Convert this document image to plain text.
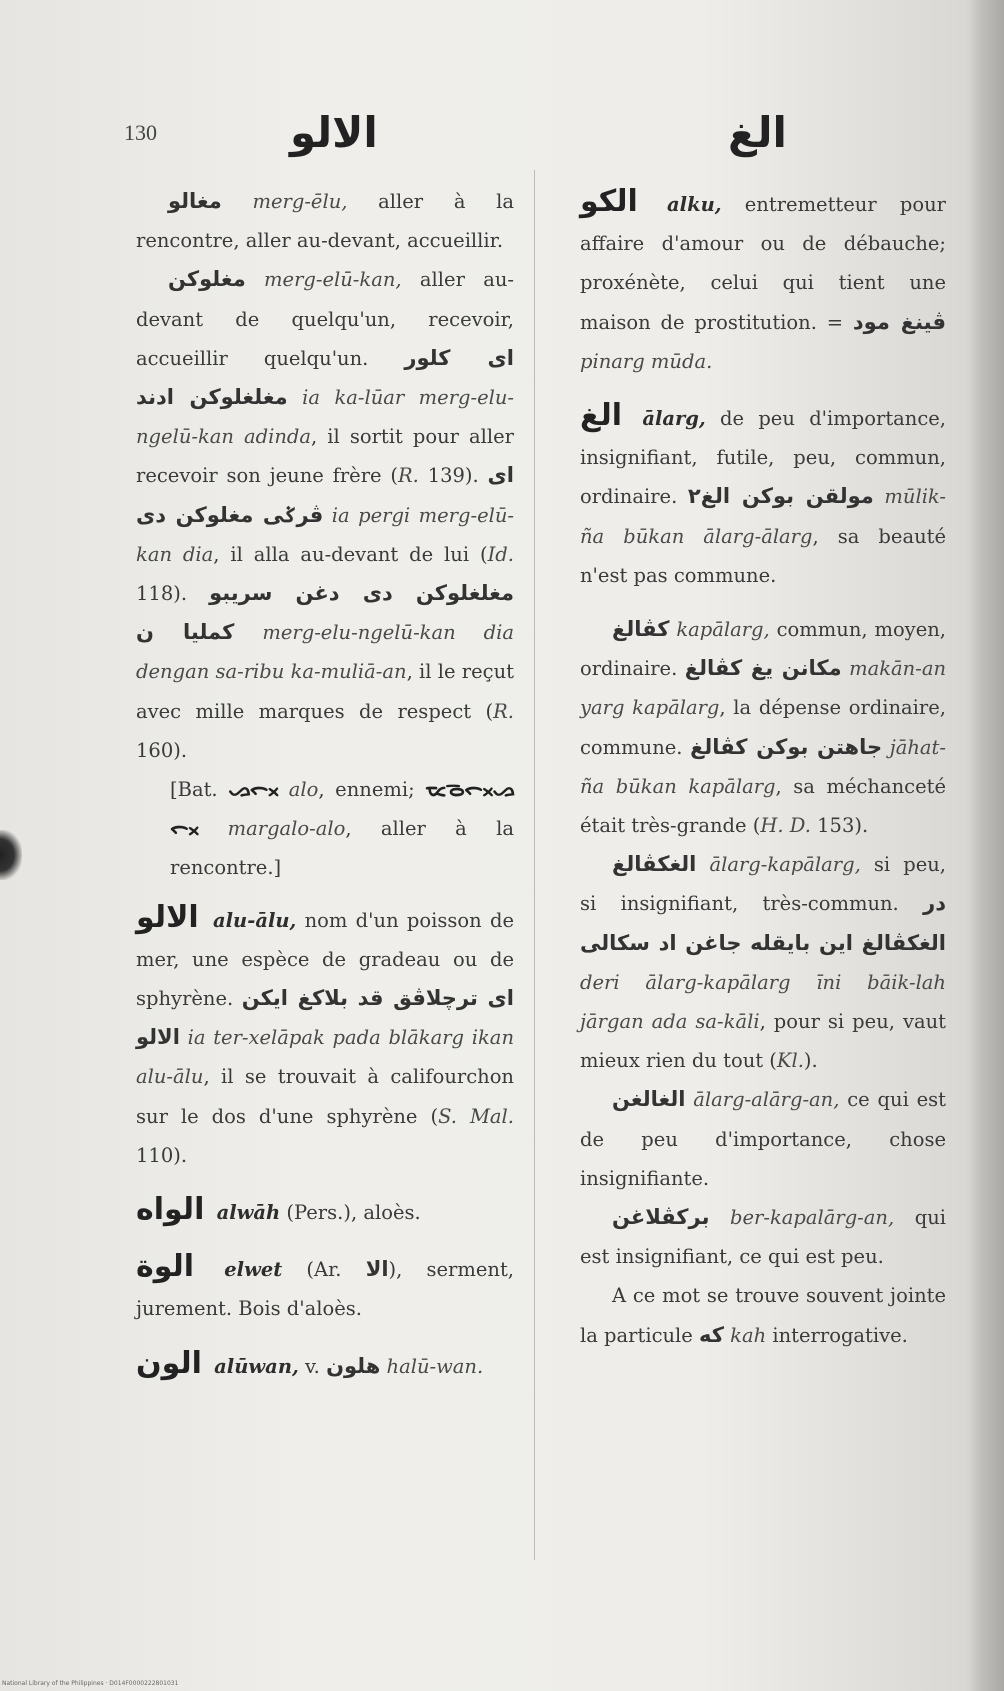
130	الالو	الغ

مغالو merg-ēlu, aller à la rencontre, aller au-devant, accueillir.

مغلوكن merg-elū-kan, aller au-devant de quelqu'un, recevoir, accueillir quelqu'un. اى كلور مغلغلوكن ادند ia ka-lūar merg-elu-ngelū-kan adinda, il sortit pour aller recevoir son jeune frère (R. 139). اى ڤرݢى مغلوكن دى ia pergi merg-elū-kan dia, il alla au-devant de lui (Id. 118). مغلغلوكن دى دغن سريبو كمليا ن merg-elu-ngelū-kan dia dengan sa-ribu ka-muliā-an, il le reçut avec mille marques de respect (R. 160).

[Bat. ᯀᯞᯬ alo, ennemi; ᯔᯉᯞᯬᯀᯞᯬ margalo-alo, aller à la rencontre.]

الالو alu-ālu, nom d'un poisson de mer, une espèce de gradeau ou de sphyrène. اى ترچلاڤق قد بلاكغ ايكن الالو ia ter-xelāpak pada blākarg ikan alu-ālu, il se trouvait à califourchon sur le dos d'une sphyrène (S. Mal. 110).

الواه alwāh (Pers.), aloès.

الوة elwet (Ar. الا), serment, jurement. Bois d'aloès.

الون alūwan, v. هلون halū-wan.

الكو alku, entremetteur pour affaire d'amour ou de débauche; proxénète, celui qui tient une maison de prostitution. = ڤينغ مود pinarg mūda.

الغ ālarg, de peu d'importance, insignifiant, futile, peu, commun, ordinaire. مولقن بوكن الغ٢ mūlik-ña būkan ālarg-ālarg, sa beauté n'est pas commune.

كڤالغ kapālarg, commun, moyen, ordinaire. مكانن يغ كڤالغ makān-an yarg kapālarg, la dépense ordinaire, commune. جاهتن بوكن كڤالغ jāhat-ña būkan kapālarg, sa méchanceté était très-grande (H. D. 153).

الغكڤالغ ālarg-kapālarg, si peu, si insignifiant, très-commun. در الغكڤالغ اين بايقله جاغن اد سكالى deri ālarg-kapālarg īni bāik-lah jārgan ada sa-kāli, pour si peu, vaut mieux rien du tout (Kl.).

الغالغن ālarg-alārg-an, ce qui est de peu d'importance, chose insignifiante.

بركڤلاغن ber-kapalārg-an, qui est insignifiant, ce qui est peu.

A ce mot se trouve souvent jointe la particule كه kah interrogative.

National Library of the Philippines · D014F0000222801031
